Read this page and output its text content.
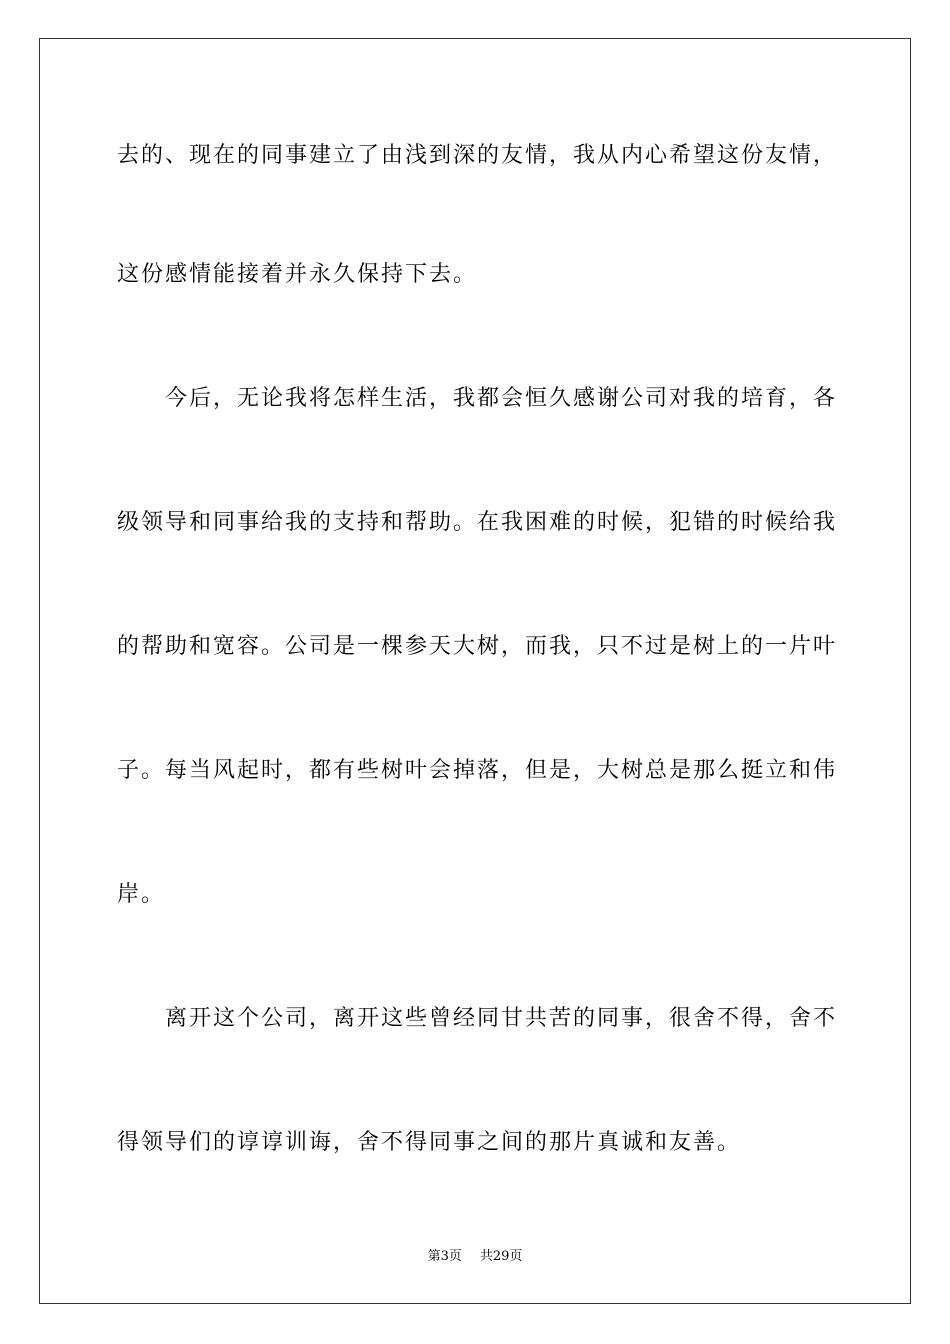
去的、现在的同事建立了由浅到深的友情，我从内心希望这份友情，
这份感情能接着并永久保持下去。
今后，无论我将怎样生活，我都会恒久感谢公司对我的培育，各
级领导和同事给我的支持和帮助。在我困难的时候，犯错的时候给我
的帮助和宽容。公司是一棵参天大树，而我，只不过是树上的一片叶
子。每当风起时，都有些树叶会掉落，但是，大树总是那么挺立和伟
岸。
离开这个公司，离开这些曾经同甘共苦的同事，很舍不得，舍不
得领导们的谆谆训诲，舍不得同事之间的那片真诚和友善。
第3页 共29页
